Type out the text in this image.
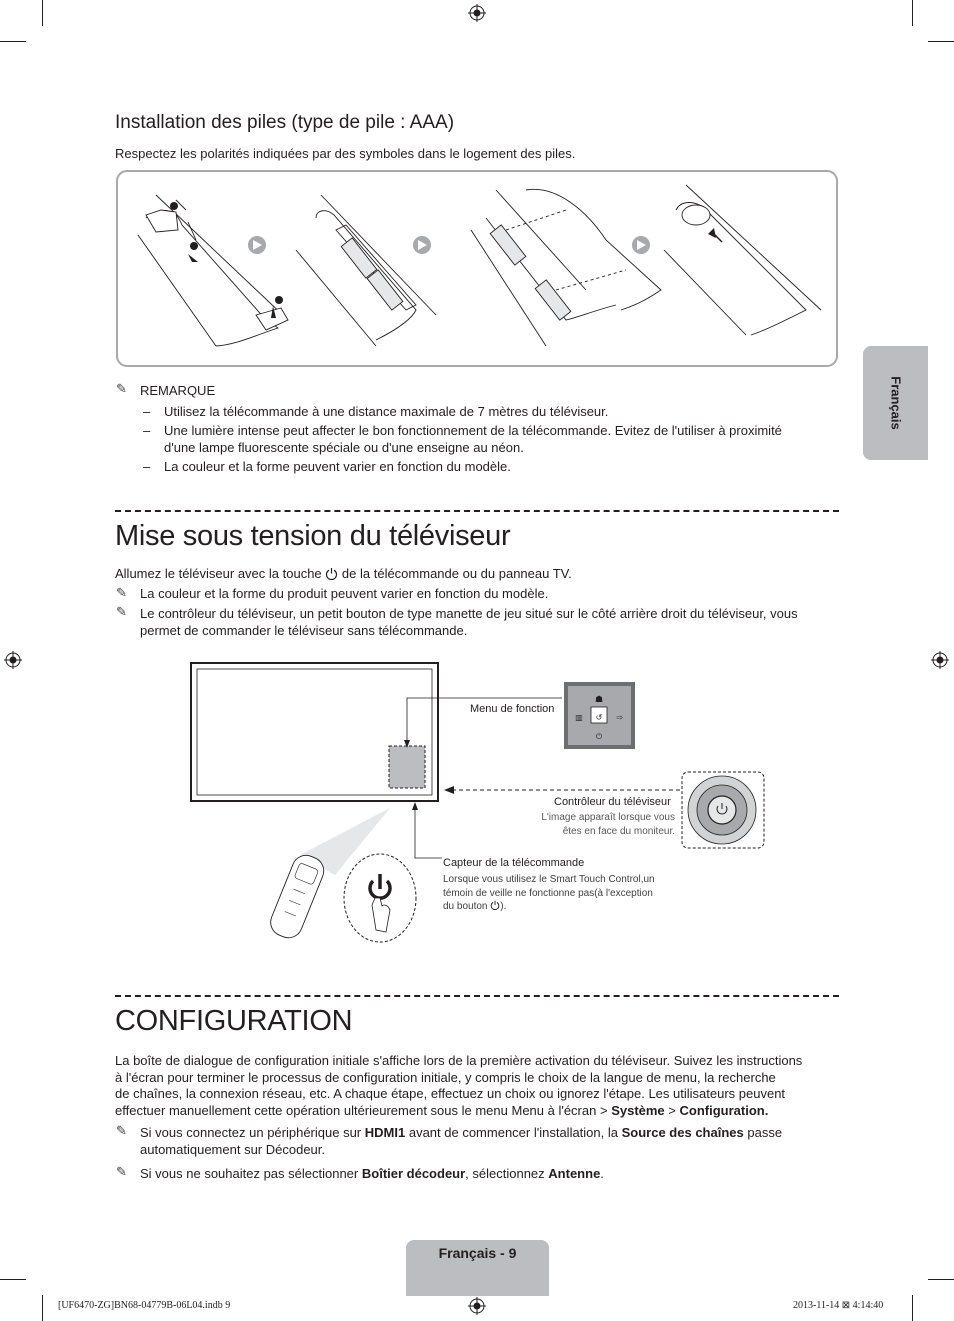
Français
Installation des piles (type de pile : AAA)
Respectez les polarités indiquées par des symboles dans le logement des piles.
✎ REMARQUE
– Utilisez la télécommande à une distance maximale de 7 mètres du téléviseur.
– Une lumière intense peut affecter le bon fonctionnement de la télécommande. Evitez de l'utiliser à proximité
d'une lampe fluorescente spéciale ou d'une enseigne au néon.
– La couleur et la forme peuvent varier en fonction du modèle.
Mise sous tension du téléviseur
Allumez le téléviseur avec la touche de la télécommande ou du panneau TV.
✎ La couleur et la forme du produit peuvent varier en fonction du modèle.
✎ Le contrôleur du téléviseur, un petit bouton de type manette de jeu situé sur le côté arrière droit du téléviseur, vous
permet de commander le téléviseur sans télécommande.
☗
▥ ↺ ⇨
⏻
Menu de fonction
Contrôleur du téléviseur
L'image apparaît lorsque vous
êtes en face du moniteur.
Capteur de la télécommande
Lorsque vous utilisez le Smart Touch Control,un
témoin de veille ne fonctionne pas(à l'exception
du bouton ).
CONFIGURATION
La boîte de dialogue de configuration initiale s'affiche lors de la première activation du téléviseur. Suivez les instructions
à l'écran pour terminer le processus de configuration initiale, y compris le choix de la langue de menu, la recherche
de chaînes, la connexion réseau, etc. A chaque étape, effectuez un choix ou ignorez l'étape. Les utilisateurs peuvent
effectuer manuellement cette opération ultérieurement sous le menu Menu à l'écran > Système > Configuration.
✎ Si vous connectez un périphérique sur HDMI1 avant de commencer l'installation, la Source des chaînes passe
automatiquement sur Décodeur.
✎ Si vous ne souhaitez pas sélectionner Boîtier décodeur, sélectionnez Antenne.
Français - 9
[UF6470-ZG]BN68-04779B-06L04.indb 9	2013-11-14 ⊠ 4:14:40
